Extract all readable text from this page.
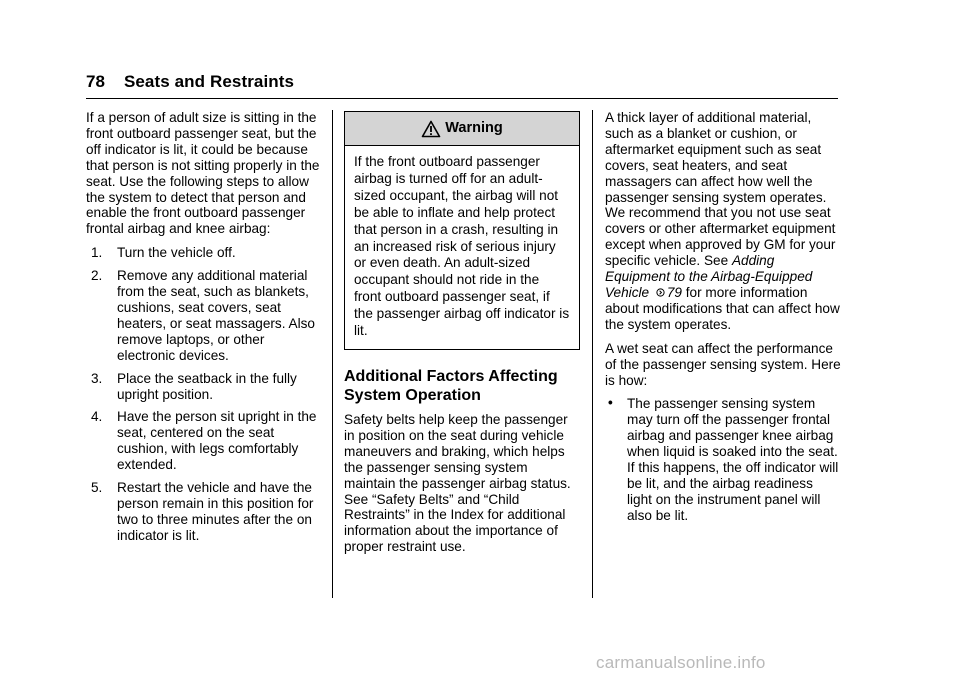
78 Seats and Restraints

If a person of adult size is sitting in the front outboard passenger seat, but the off indicator is lit, it could be because that person is not sitting properly in the seat. Use the following steps to allow the system to detect that person and enable the front outboard passenger frontal airbag and knee airbag:

1. Turn the vehicle off.
2. Remove any additional material from the seat, such as blankets, cushions, seat covers, seat heaters, or seat massagers. Also remove laptops, or other electronic devices.
3. Place the seatback in the fully upright position.
4. Have the person sit upright in the seat, centered on the seat cushion, with legs comfortably extended.
5. Restart the vehicle and have the person remain in this position for two to three minutes after the on indicator is lit.
Warning
If the front outboard passenger airbag is turned off for an adult-sized occupant, the airbag will not be able to inflate and help protect that person in a crash, resulting in an increased risk of serious injury or even death. An adult-sized occupant should not ride in the front outboard passenger seat, if the passenger airbag off indicator is lit.
Additional Factors Affecting System Operation

Safety belts help keep the passenger in position on the seat during vehicle maneuvers and braking, which helps the passenger sensing system maintain the passenger airbag status. See “Safety Belts” and “Child Restraints” in the Index for additional information about the importance of proper restraint use.

A thick layer of additional material, such as a blanket or cushion, or aftermarket equipment such as seat covers, seat heaters, and seat massagers can affect how well the passenger sensing system operates. We recommend that you not use seat covers or other aftermarket equipment except when approved by GM for your specific vehicle. See Adding Equipment to the Airbag-Equipped Vehicle 79 for more information about modifications that can affect how the system operates.

A wet seat can affect the performance of the passenger sensing system. Here is how:

• The passenger sensing system may turn off the passenger frontal airbag and passenger knee airbag when liquid is soaked into the seat. If this happens, the off indicator will be lit, and the airbag readiness light on the instrument panel will also be lit.
carmanualsonline.info
